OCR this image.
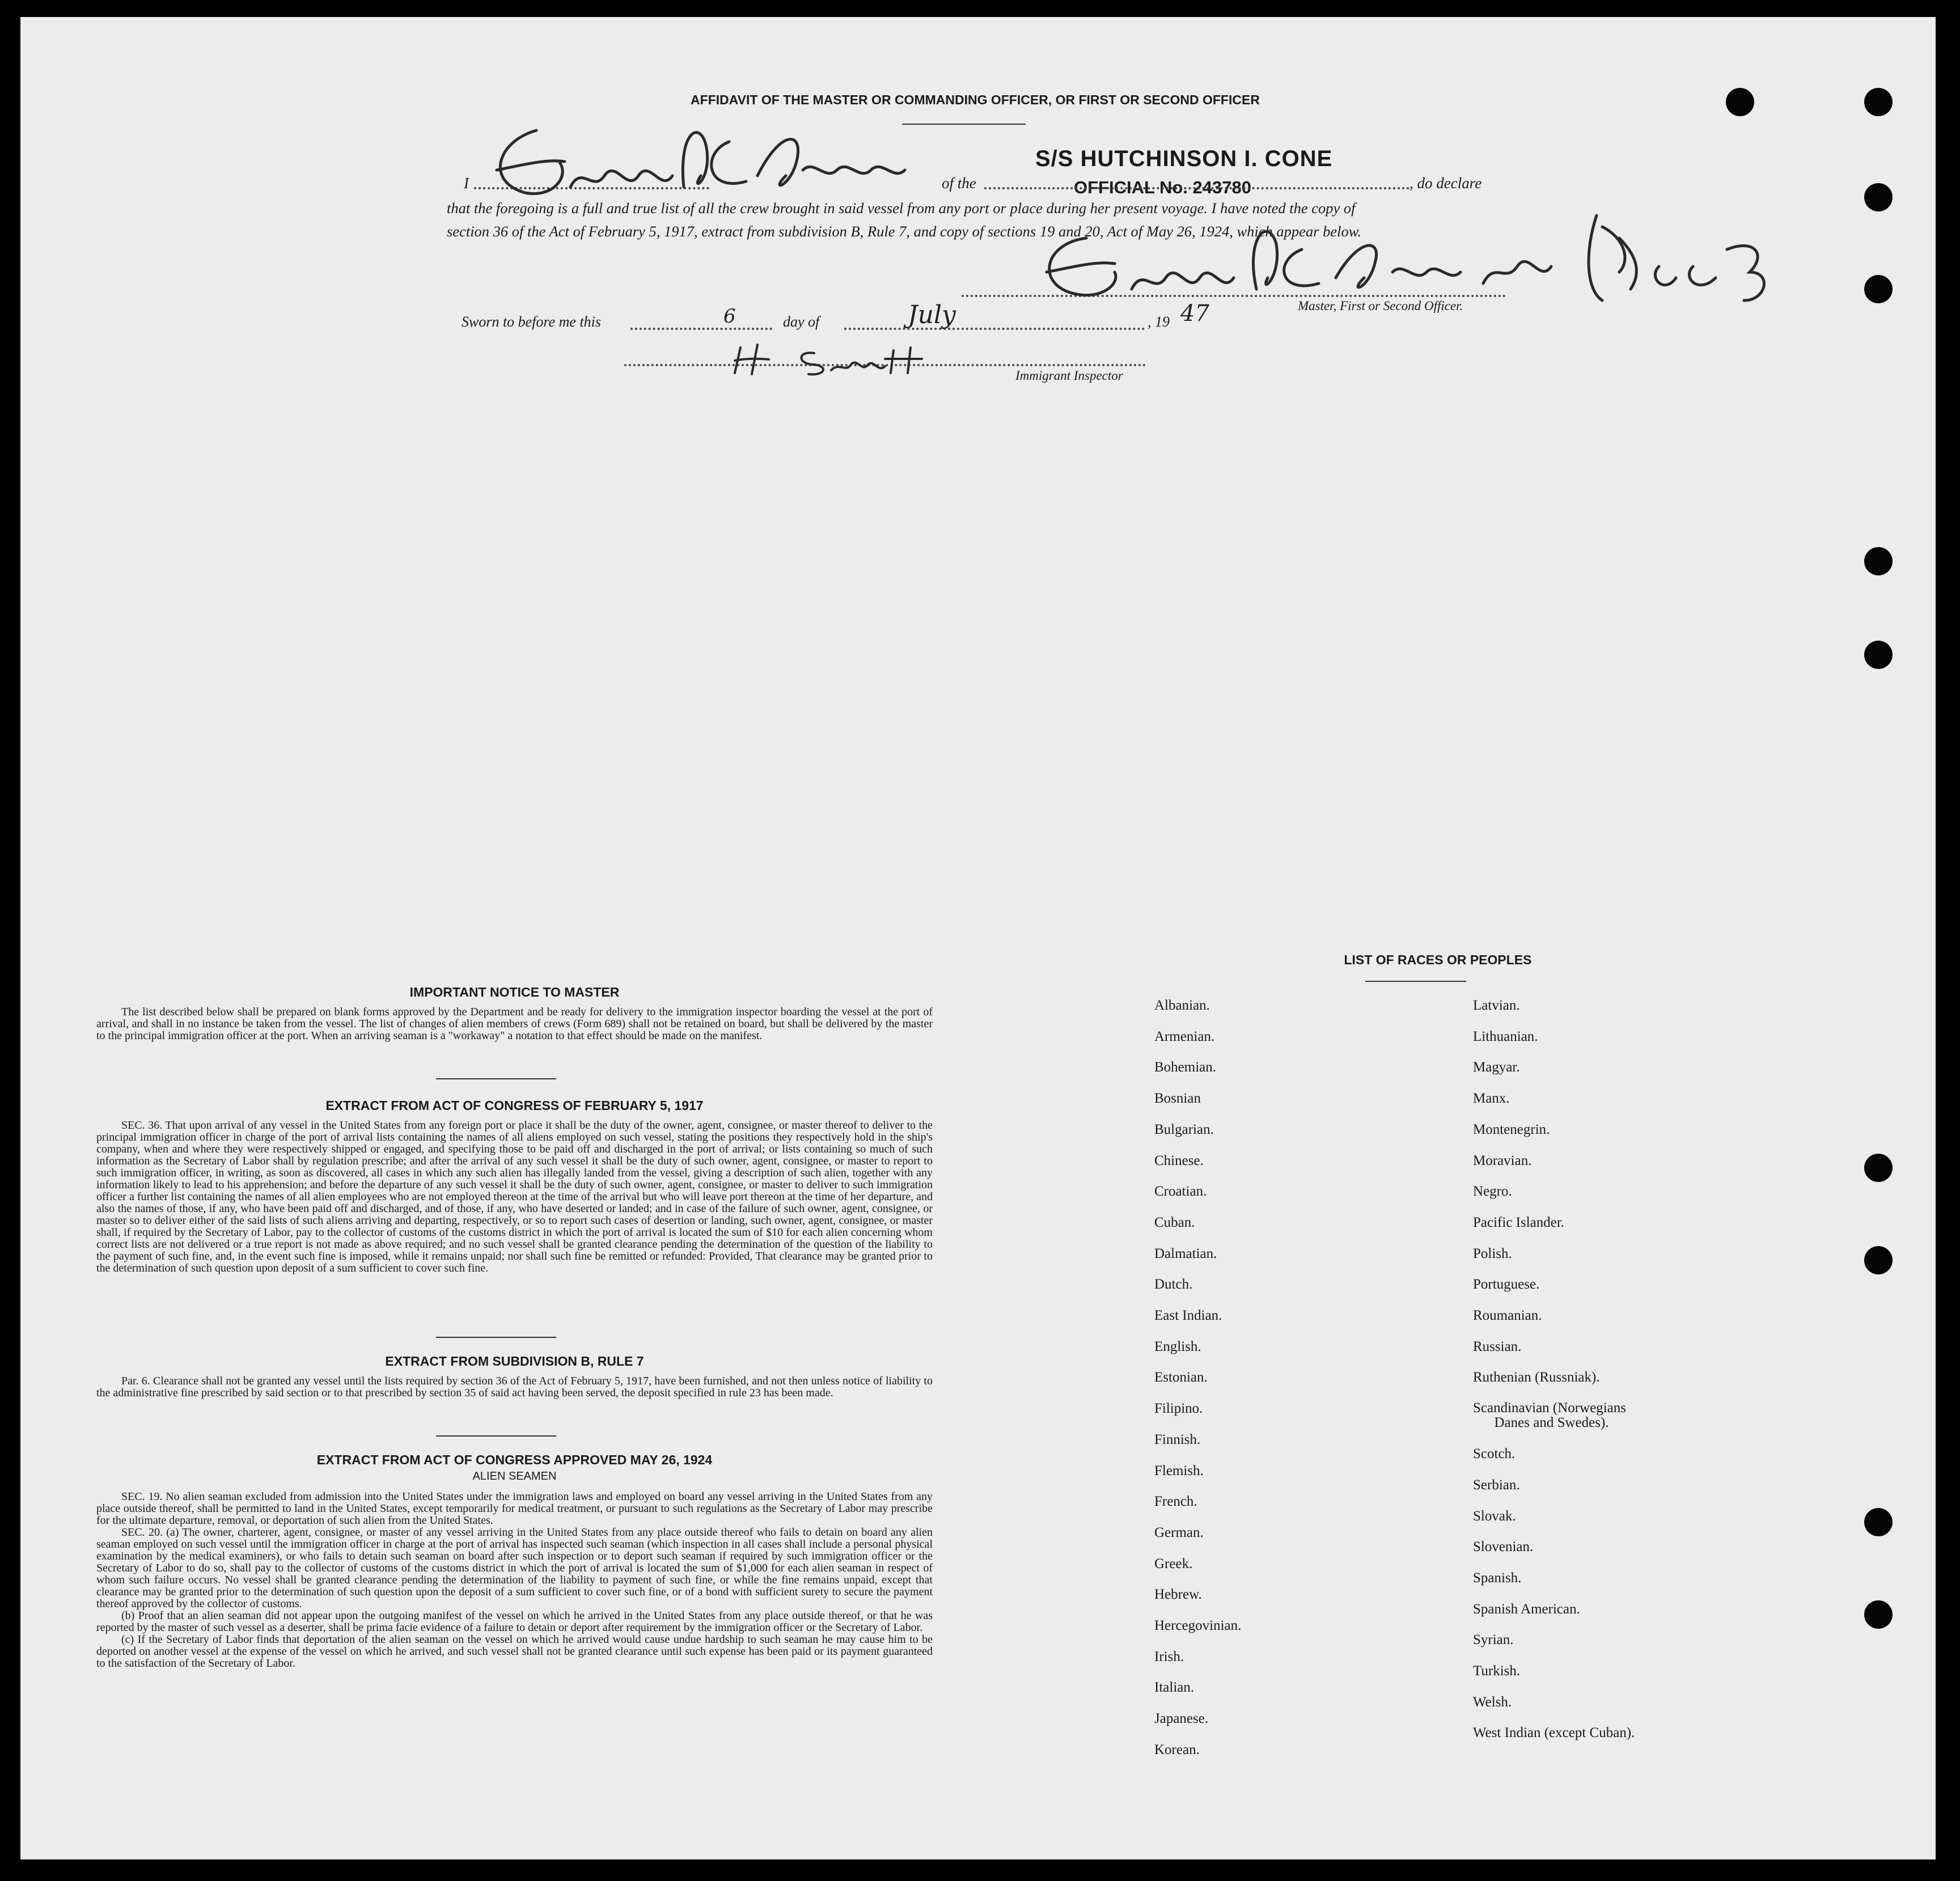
AFFIDAVIT OF THE MASTER OR COMMANDING OFFICER, OR FIRST OR SECOND OFFICER
S/S HUTCHINSON I. CONE
OFFICIAL No. 243780
I	of the	, do declare
that the foregoing is a full and true list of all the crew brought in said vessel from any port or place during her present voyage. I have noted the copy of
section 36 of the Act of February 5, 1917, extract from subdivision B, Rule 7, and copy of sections 19 and 20, Act of May 26, 1924, which appear below.
Master, First or Second Officer.
Sworn to before me this	6	day of	July	, 19 47
Immigrant Inspector
IMPORTANT NOTICE TO MASTER

The list described below shall be prepared on blank forms approved by the Department and be ready for delivery to the immigration inspector boarding the vessel at the port of arrival, and shall in no instance be taken from the vessel. The list of changes of alien members of crews (Form 689) shall not be retained on board, but shall be delivered by the master to the principal immigration officer at the port. When an arriving seaman is a "workaway" a notation to that effect should be made on the manifest.

EXTRACT FROM ACT OF CONGRESS OF FEBRUARY 5, 1917

SEC. 36. That upon arrival of any vessel in the United States from any foreign port or place it shall be the duty of the owner, agent, consignee, or master thereof to deliver to the principal immigration officer in charge of the port of arrival lists containing the names of all aliens employed on such vessel, stating the positions they respectively hold in the ship's company, when and where they were respectively shipped or engaged, and specifying those to be paid off and discharged in the port of arrival; or lists containing so much of such information as the Secretary of Labor shall by regulation prescribe; and after the arrival of any such vessel it shall be the duty of such owner, agent, consignee, or master to report to such immigration officer, in writing, as soon as discovered, all cases in which any such alien has illegally landed from the vessel, giving a description of such alien, together with any information likely to lead to his apprehension; and before the departure of any such vessel it shall be the duty of such owner, agent, consignee, or master to deliver to such immigration officer a further list containing the names of all alien employees who are not employed thereon at the time of the arrival but who will leave port thereon at the time of her departure, and also the names of those, if any, who have been paid off and discharged, and of those, if any, who have deserted or landed; and in case of the failure of such owner, agent, consignee, or master so to deliver either of the said lists of such aliens arriving and departing, respectively, or so to report such cases of desertion or landing, such owner, agent, consignee, or master shall, if required by the Secretary of Labor, pay to the collector of customs of the customs district in which the port of arrival is located the sum of $10 for each alien concerning whom correct lists are not delivered or a true report is not made as above required; and no such vessel shall be granted clearance pending the determination of the question of the liability to the payment of such fine, and, in the event such fine is imposed, while it remains unpaid; nor shall such fine be remitted or refunded: Provided, That clearance may be granted prior to the determination of such question upon deposit of a sum sufficient to cover such fine.

EXTRACT FROM SUBDIVISION B, RULE 7

Par. 6. Clearance shall not be granted any vessel until the lists required by section 36 of the Act of February 5, 1917, have been furnished, and not then unless notice of liability to the administrative fine prescribed by said section or to that prescribed by section 35 of said act having been served, the deposit specified in rule 23 has been made.

EXTRACT FROM ACT OF CONGRESS APPROVED MAY 26, 1924
ALIEN SEAMEN

SEC. 19. No alien seaman excluded from admission into the United States under the immigration laws and employed on board any vessel arriving in the United States from any place outside thereof, shall be permitted to land in the United States, except temporarily for medical treatment, or pursuant to such regulations as the Secretary of Labor may prescribe for the ultimate departure, removal, or deportation of such alien from the United States.

SEC. 20. (a) The owner, charterer, agent, consignee, or master of any vessel arriving in the United States from any place outside thereof who fails to detain on board any alien seaman employed on such vessel until the immigration officer in charge at the port of arrival has inspected such seaman (which inspection in all cases shall include a personal physical examination by the medical examiners), or who fails to detain such seaman on board after such inspection or to deport such seaman if required by such immigration officer or the Secretary of Labor to do so, shall pay to the collector of customs of the customs district in which the port of arrival is located the sum of $1,000 for each alien seaman in respect of whom such failure occurs. No vessel shall be granted clearance pending the determination of the liability to payment of such fine, or while the fine remains unpaid, except that clearance may be granted prior to the determination of such question upon the deposit of a sum sufficient to cover such fine, or of a bond with sufficient surety to secure the payment thereof approved by the collector of customs.

(b) Proof that an alien seaman did not appear upon the outgoing manifest of the vessel on which he arrived in the United States from any place outside thereof, or that he was reported by the master of such vessel as a deserter, shall be prima facie evidence of a failure to detain or deport after requirement by the immigration officer or the Secretary of Labor.

(c) If the Secretary of Labor finds that deportation of the alien seaman on the vessel on which he arrived would cause undue hardship to such seaman he may cause him to be deported on another vessel at the expense of the vessel on which he arrived, and such vessel shall not be granted clearance until such expense has been paid or its payment guaranteed to the satisfaction of the Secretary of Labor.

LIST OF RACES OR PEOPLES
Albanian.
Armenian.
Bohemian.
Bosnian
Bulgarian.
Chinese.
Croatian.
Cuban.
Dalmatian.
Dutch.
East Indian.
English.
Estonian.
Filipino.
Finnish.
Flemish.
French.
German.
Greek.
Hebrew.
Hercegovinian.
Irish.
Italian.
Japanese.
Korean.
Latvian.
Lithuanian.
Magyar.
Manx.
Montenegrin.
Moravian.
Negro.
Pacific Islander.
Polish.
Portuguese.
Roumanian.
Russian.
Ruthenian (Russniak).
Scandinavian (Norwegians
Danes and Swedes).
Scotch.
Serbian.
Slovak.
Slovenian.
Spanish.
Spanish American.
Syrian.
Turkish.
Welsh.
West Indian (except Cuban).
